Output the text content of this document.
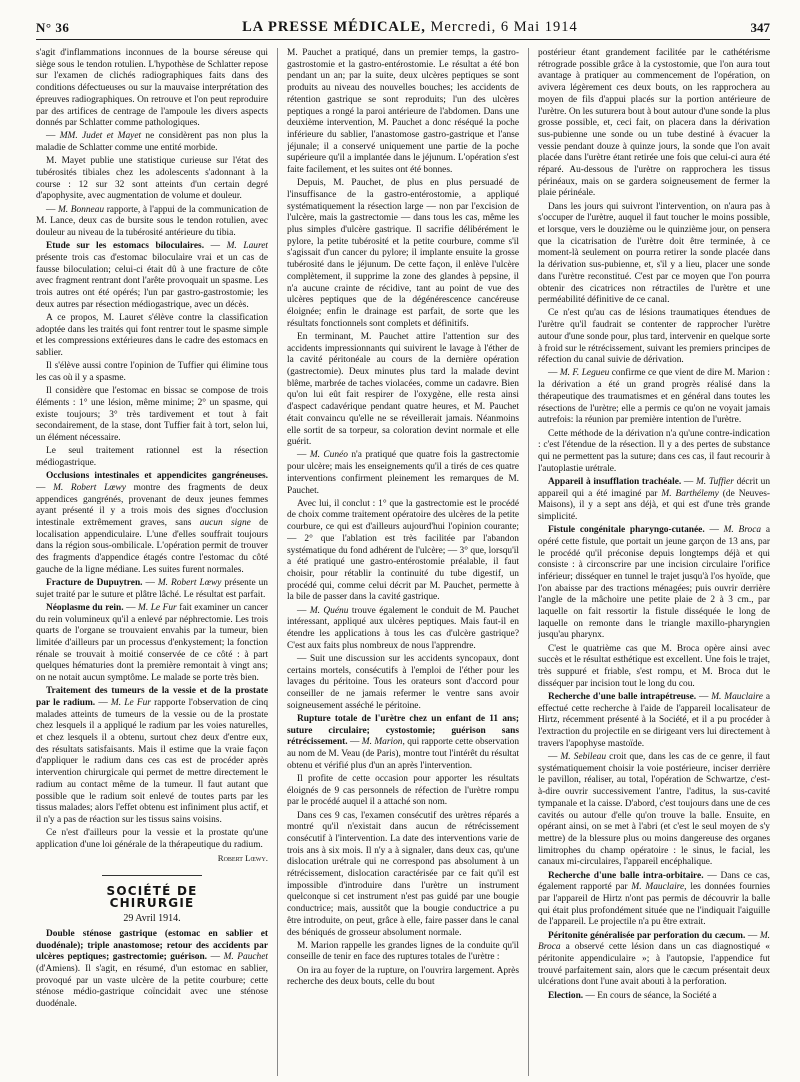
N° 36	LA PRESSE MÉDICALE, Mercredi, 6 Mai 1914	347

s'agit d'inflammations inconnues de la bourse séreuse qui siège sous le tendon rotulien. L'hypothèse de Schlatter repose sur l'examen de clichés radiographiques faits dans des conditions défectueuses ou sur la mauvaise interprétation des épreuves radiographiques. On retrouve et l'on peut reproduire par des artifices de centrage de l'ampoule les divers aspects donnés par Schlatter comme pathologiques.

— MM. Judet et Mayet ne considèrent pas non plus la maladie de Schlatter comme une entité morbide.

M. Mayet publie une statistique curieuse sur l'état des tubérosités tibiales chez les adolescents s'adonnant à la course : 12 sur 32 sont atteints d'un certain degré d'apophysite, avec augmentation de volume et douleur.

— M. Bonneau rapporte, à l'appui de la communication de M. Lance, deux cas de bursite sous le tendon rotulien, avec douleur au niveau de la tubérosité antérieure du tibia.

Etude sur les estomacs biloculaires. — M. Lauret présente trois cas d'estomac biloculaire vrai et un cas de fausse biloculation; celui-ci était dû à une fracture de côte avec fragment rentrant dont l'arête provoquait un spasme. Les trois autres ont été opérés; l'un par gastro-gastrostomie; les deux autres par résection médiogastrique, avec un décès.

A ce propos, M. Lauret s'élève contre la classification adoptée dans les traités qui font rentrer tout le spasme simple et les compressions extérieures dans le cadre des estomacs en sablier.

Il s'élève aussi contre l'opinion de Tuffier qui élimine tous les cas où il y a spasme.

Il considère que l'estomac en bissac se compose de trois éléments : 1° une lésion, même minime; 2° un spasme, qui existe toujours; 3° très tardivement et tout à fait secondairement, de la stase, dont Tuffier fait à tort, selon lui, un élément nécessaire.

Le seul traitement rationnel est la résection médiogastrique.

Occlusions intestinales et appendicites gangréneuses. — M. Robert Lœwy montre des fragments de deux appendices gangrénés, provenant de deux jeunes femmes ayant présenté il y a trois mois des signes d'occlusion intestinale extrêmement graves, sans aucun signe de localisation appendiculaire. L'une d'elles souffrait toujours dans la région sous-ombilicale. L'opération permit de trouver des fragments d'appendice étagés contre l'estomac du côté gauche de la ligne médiane. Les suites furent normales.

Fracture de Dupuytren. — M. Robert Lœwy présente un sujet traité par le suture et plâtre lâché. Le résultat est parfait.

Néoplasme du rein. — M. Le Fur fait examiner un cancer du rein volumineux qu'il a enlevé par néphrectomie. Les trois quarts de l'organe se trouvaient envahis par la tumeur, bien limitée d'ailleurs par un processus d'enkystement; la fonction rénale se trouvait à moitié conservée de ce côté : à part quelques hématuries dont la première remontait à vingt ans; on ne notait aucun symptôme. Le malade se porte très bien.

Traitement des tumeurs de la vessie et de la prostate par le radium. — M. Le Fur rapporte l'observation de cinq malades atteints de tumeurs de la vessie ou de la prostate chez lesquels il a appliqué le radium par les voies naturelles, et chez lesquels il a obtenu, surtout chez deux d'entre eux, des résultats satisfaisants. Mais il estime que la vraie façon d'appliquer le radium dans ces cas est de procéder après intervention chirurgicale qui permet de mettre directement le radium au contact même de la tumeur. Il faut autant que possible que le radium soit enlevé de toutes parts par les tissus malades; alors l'effet obtenu est infiniment plus actif, et il n'y a pas de réaction sur les tissus sains voisins.

Ce n'est d'ailleurs pour la vessie et la prostate qu'une application d'une loi générale de la thérapeutique du radium.

Robert Lœwy.

SOCIÉTÉ DE CHIRURGIE
29 Avril 1914.

Double sténose gastrique (estomac en sablier et duodénale); triple anastomose; retour des accidents par ulcères peptiques; gastrectomie; guérison. — M. Pauchet (d'Amiens). Il s'agit, en résumé, d'un estomac en sablier, provoqué par un vaste ulcère de la petite courbure; cette sténose médio-gastrique coïncidait avec une sténose duodénale.

M. Pauchet a pratiqué, dans un premier temps, la gastro-gastrostomie et la gastro-entérostomie. Le résultat a été bon pendant un an; par la suite, deux ulcères peptiques se sont produits au niveau des nouvelles bouches; les accidents de rétention gastrique se sont reproduits; l'un des ulcères peptiques a rongé la paroi antérieure de l'abdomen. Dans une deuxième intervention, M. Pauchet a donc réséqué la poche inférieure du sablier, l'anastomose gastro-gastrique et l'anse jéjunale; il a conservé uniquement une partie de la poche supérieure qu'il a implantée dans le jéjunum. L'opération s'est faite facilement, et les suites ont été bonnes.

Depuis, M. Pauchet, de plus en plus persuadé de l'insuffisance de la gastro-entérostomie, a appliqué systématiquement la résection large — non par l'excision de l'ulcère, mais la gastrectomie — dans tous les cas, même les plus simples d'ulcère gastrique. Il sacrifie délibérément le pylore, la petite tubérosité et la petite courbure, comme s'il s'agissait d'un cancer du pylore; il implante ensuite la grosse tubérosité dans le jéjunum. De cette façon, il enlève l'ulcère complètement, il supprime la zone des glandes à pepsine, il n'a aucune crainte de récidive, tant au point de vue des ulcères peptiques que de la dégénérescence cancéreuse éloignée; enfin le drainage est parfait, de sorte que les résultats fonctionnels sont complets et définitifs.

En terminant, M. Pauchet attire l'attention sur des accidents impressionnants qui suivirent le lavage à l'éther de la cavité péritonéale au cours de la dernière opération (gastrectomie). Deux minutes plus tard la malade devint blême, marbrée de taches violacées, comme un cadavre. Bien qu'on lui eût fait respirer de l'oxygène, elle resta ainsi d'aspect cadavérique pendant quatre heures, et M. Pauchet était convaincu qu'elle ne se réveillerait jamais. Néanmoins elle sortit de sa torpeur, sa coloration devint normale et elle guérit.

— M. Cunéo n'a pratiqué que quatre fois la gastrectomie pour ulcère; mais les enseignements qu'il a tirés de ces quatre interventions confirment pleinement les remarques de M. Pauchet.

Avec lui, il conclut : 1° que la gastrectomie est le procédé de choix comme traitement opératoire des ulcères de la petite courbure, ce qui est d'ailleurs aujourd'hui l'opinion courante; — 2° que l'ablation est très facilitée par l'abandon systématique du fond adhérent de l'ulcère; — 3° que, lorsqu'il a été pratiqué une gastro-entérostomie préalable, il faut choisir, pour rétablir la continuité du tube digestif, un procédé qui, comme celui décrit par M. Pauchet, permette à la bile de passer dans la cavité gastrique.

— M. Quénu trouve également le conduit de M. Pauchet intéressant, appliqué aux ulcères peptiques. Mais faut-il en étendre les applications à tous les cas d'ulcère gastrique? C'est aux faits plus nombreux de nous l'apprendre.

— Suit une discussion sur les accidents syncopaux, dont certains mortels, consécutifs à l'emploi de l'éther pour les lavages du péritoine. Tous les orateurs sont d'accord pour conseiller de ne jamais refermer le ventre sans avoir soigneusement asséché le péritoine.

Rupture totale de l'urètre chez un enfant de 11 ans; suture circulaire; cystostomie; guérison sans rétrécissement. — M. Marion, qui rapporte cette observation au nom de M. Veau (de Paris), montre tout l'intérêt du résultat obtenu et vérifié plus d'un an après l'intervention.

Il profite de cette occasion pour apporter les résultats éloignés de 9 cas personnels de réfection de l'urètre rompu par le procédé auquel il a attaché son nom.

Dans ces 9 cas, l'examen consécutif des urètres réparés a montré qu'il n'existait dans aucun de rétrécissement consécutif à l'intervention. La date des interventions varie de trois ans à six mois. Il n'y a à signaler, dans deux cas, qu'une dislocation urétrale qui ne correspond pas absolument à un rétrécissement, dislocation caractérisée par ce fait qu'il est impossible d'introduire dans l'urètre un instrument quelconque si cet instrument n'est pas guidé par une bougie conductrice; mais, aussitôt que la bougie conductrice a pu être introduite, on peut, grâce à elle, faire passer dans le canal des béniqués de grosseur absolument normale.

M. Marion rappelle les grandes lignes de la conduite qu'il conseille de tenir en face des ruptures totales de l'urètre :

On ira au foyer de la rupture, on l'ouvrira largement. Après recherche des deux bouts, celle du bout

postérieur étant grandement facilitée par le cathétérisme rétrograde possible grâce à la cystostomie, que l'on aura tout avantage à pratiquer au commencement de l'opération, on avivera légèrement ces deux bouts, on les rapprochera au moyen de fils d'appui placés sur la portion antérieure de l'urètre. On les suturera bout à bout autour d'une sonde la plus grosse possible, et, ceci fait, on placera dans la dérivation sus-pubienne une sonde ou un tube destiné à évacuer la vessie pendant douze à quinze jours, la sonde que l'on avait placée dans l'urètre étant retirée une fois que celui-ci aura été réparé. Au-dessous de l'urètre on rapprochera les tissus périnéaux, mais on se gardera soigneusement de fermer la plaie périnéale.

Dans les jours qui suivront l'intervention, on n'aura pas à s'occuper de l'urètre, auquel il faut toucher le moins possible, et lorsque, vers le douzième ou le quinzième jour, on pensera que la cicatrisation de l'urètre doit être terminée, à ce moment-là seulement on pourra retirer la sonde placée dans la dérivation sus-pubienne, et, s'il y a lieu, placer une sonde dans l'urètre reconstitué. C'est par ce moyen que l'on pourra obtenir des cicatrices non rétractiles de l'urètre et une perméabilité définitive de ce canal.

Ce n'est qu'au cas de lésions traumatiques étendues de l'urètre qu'il faudrait se contenter de rapprocher l'urètre autour d'une sonde pour, plus tard, intervenir en quelque sorte à froid sur le rétrécissement, suivant les premiers principes de réfection du canal suivie de dérivation.

— M. F. Legueu confirme ce que vient de dire M. Marion : la dérivation a été un grand progrès réalisé dans la thérapeutique des traumatismes et en général dans toutes les résections de l'urètre; elle a permis ce qu'on ne voyait jamais autrefois: la réunion par première intention de l'urètre.

Cette méthode de la dérivation n'a qu'une contre-indication : c'est l'étendue de la résection. Il y a des pertes de substance qui ne permettent pas la suture; dans ces cas, il faut recourir à l'autoplastie urétrale.

Appareil à insufflation trachéale. — M. Tuffier décrit un appareil qui a été imaginé par M. Barthélemy (de Neuves-Maisons), il y a sept ans déjà, et qui est d'une très grande simplicité.

Fistule congénitale pharyngo-cutanée. — M. Broca a opéré cette fistule, que portait un jeune garçon de 13 ans, par le procédé qu'il préconise depuis longtemps déjà et qui consiste : à circonscrire par une incision circulaire l'orifice inférieur; disséquer en tunnel le trajet jusqu'à l'os hyoïde, que l'on abaisse par des tractions ménagées; puis ouvrir derrière l'angle de la mâchoire une petite plaie de 2 à 3 cm., par laquelle on fait ressortir la fistule disséquée le long de laquelle on remonte dans le triangle maxillo-pharyngien jusqu'au pharynx.

C'est le quatrième cas que M. Broca opère ainsi avec succès et le résultat esthétique est excellent. Une fois le trajet, très suppuré et friable, s'est rompu, et M. Broca dut le disséquer par incision tout le long du cou.

Recherche d'une balle intrapétreuse. — M. Mauclaire a effectué cette recherche à l'aide de l'appareil localisateur de Hirtz, récemment présenté à la Société, et il a pu procéder à l'extraction du projectile en se dirigeant vers lui directement à travers l'apophyse mastoïde.

— M. Sebileau croit que, dans les cas de ce genre, il faut systématiquement choisir la voie postérieure, inciser derrière le pavillon, réaliser, au total, l'opération de Schwartze, c'est-à-dire ouvrir successivement l'antre, l'aditus, la sus-cavité tympanale et la caisse. D'abord, c'est toujours dans une de ces cavités ou autour d'elle qu'on trouve la balle. Ensuite, en opérant ainsi, on se met à l'abri (et c'est le seul moyen de s'y mettre) de la blessure plus ou moins dangereuse des organes limitrophes du champ opératoire : le sinus, le facial, les canaux mi-circulaires, l'appareil encéphalique.

Recherche d'une balle intra-orbitaire. — Dans ce cas, également rapporté par M. Mauclaire, les données fournies par l'appareil de Hirtz n'ont pas permis de découvrir la balle qui était plus profondément située que ne l'indiquait l'aiguille de l'appareil. Le projectile n'a pu être extrait.

Péritonite généralisée par perforation du cæcum. — M. Broca a observé cette lésion dans un cas diagnostiqué « péritonite appendiculaire »; à l'autopsie, l'appendice fut trouvé parfaitement sain, alors que le cæcum présentait deux ulcérations dont l'une avait abouti à la perforation.

Election. — En cours de séance, la Société a
